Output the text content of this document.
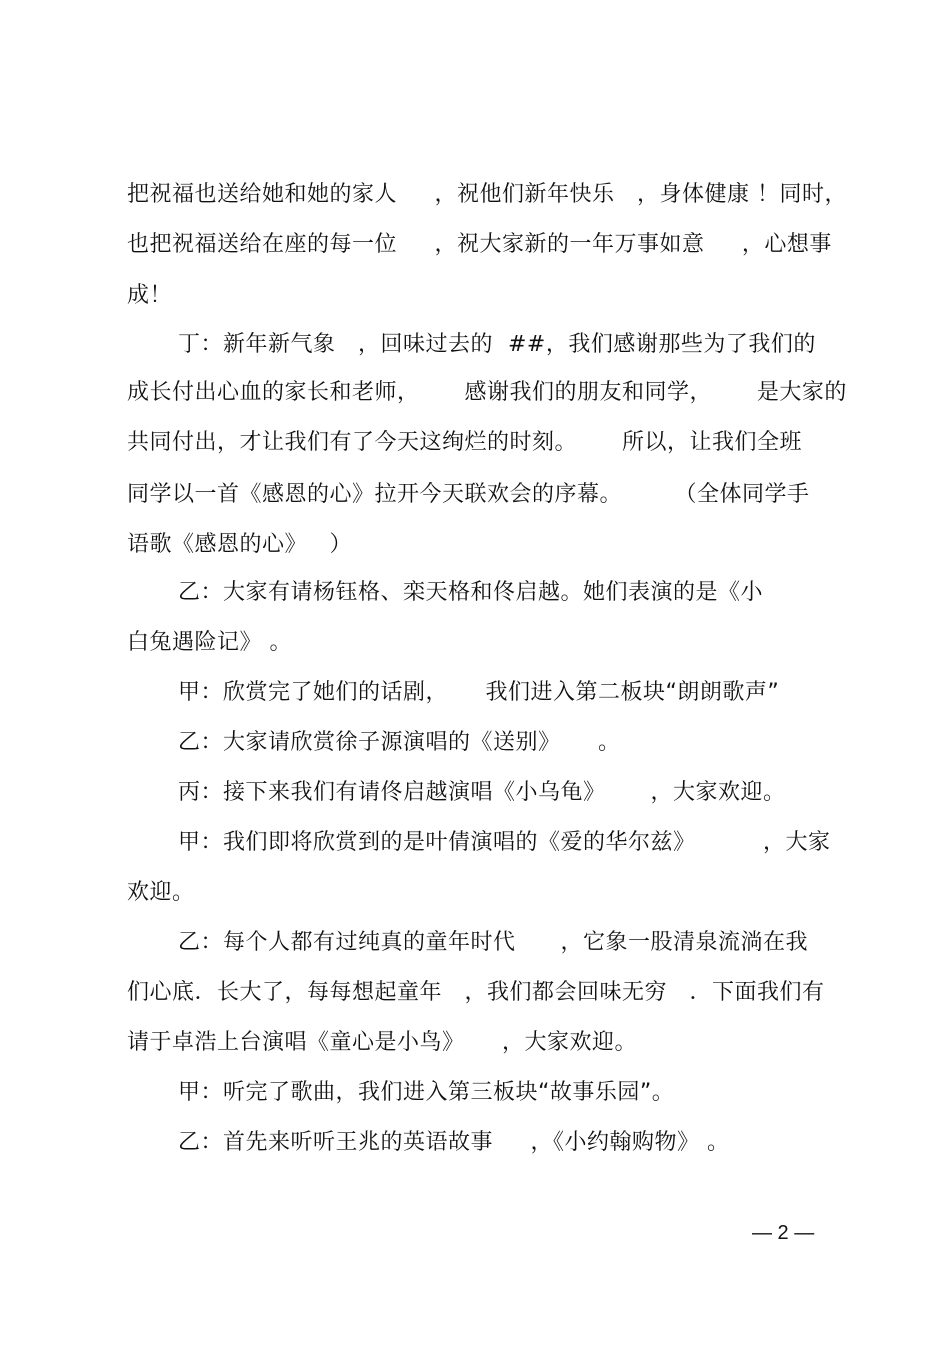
把祝福也送给她和她的家人     ，祝他们新年快乐   ，身体健康 ！同时，
也把祝福送给在座的每一位     ，祝大家新的一年万事如意     ，心想事
成！
丁：新年新气象   ，回味过去的  ##，我们感谢那些为了我们的
成长付出心血的家长和老师，      感谢我们的朋友和同学，      是大家的
共同付出，才让我们有了今天这绚烂的时刻。      所以，让我们全班
同学以一首《感恩的心》拉开今天联欢会的序幕。       （全体同学手
语歌《感恩的心》   ）
乙：大家有请杨钰格、栾天格和佟启越。她们表演的是《小
白兔遇险记》 。
甲：欣赏完了她们的话剧，     我们进入第二板块“朗朗歌声”
乙：大家请欣赏徐子源演唱的《送别》     。
丙：接下来我们有请佟启越演唱《小乌龟》      ，大家欢迎。
甲：我们即将欣赏到的是叶倩演唱的《爱的华尔兹》         ，大家
欢迎。
乙：每个人都有过纯真的童年时代      ，它象一股清泉流淌在我
们心底．长大了，每每想起童年   ，我们都会回味无穷   ．下面我们有
请于卓浩上台演唱《童心是小鸟》     ，大家欢迎。
甲：听完了歌曲，我们进入第三板块“故事乐园”。
乙：首先来听听王兆的英语故事     ，《小约翰购物》 。
— 2 —
